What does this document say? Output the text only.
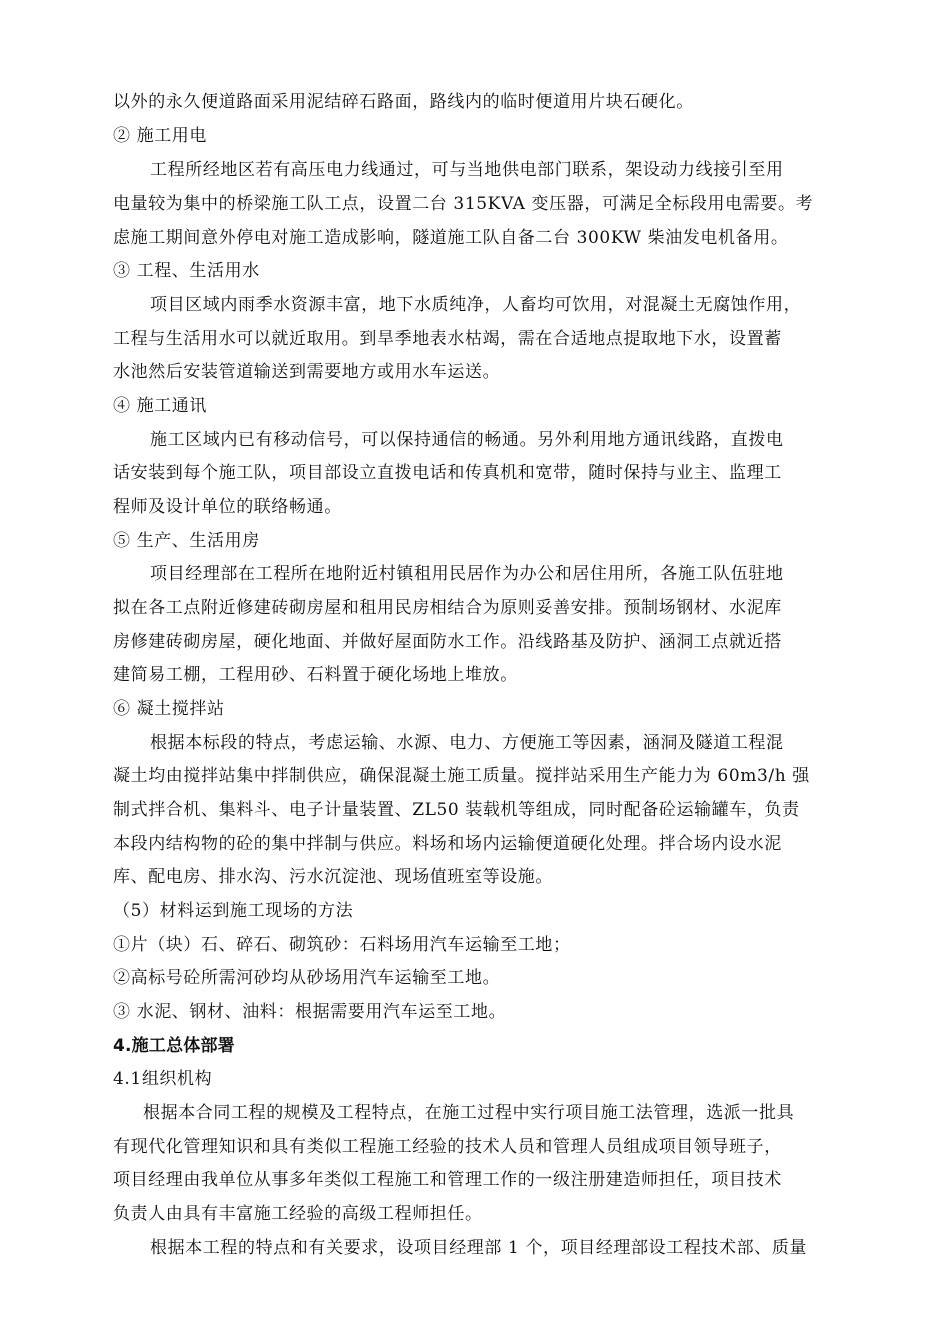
以外的永久便道路面采用泥结碎石路面，路线内的临时便道用片块石硬化。
② 施工用电
工程所经地区若有高压电力线通过，可与当地供电部门联系，架设动力线接引至用
电量较为集中的桥梁施工队工点，设置二台 315KVA 变压器，可满足全标段用电需要。考
虑施工期间意外停电对施工造成影响，隧道施工队自备二台 300KW 柴油发电机备用。
③ 工程、生活用水
项目区域内雨季水资源丰富，地下水质纯净，人畜均可饮用，对混凝土无腐蚀作用，
工程与生活用水可以就近取用。到旱季地表水枯竭，需在合适地点提取地下水，设置蓄
水池然后安装管道输送到需要地方或用水车运送。
④ 施工通讯
施工区域内已有移动信号，可以保持通信的畅通。另外利用地方通讯线路，直拨电
话安装到每个施工队，项目部设立直拨电话和传真机和宽带，随时保持与业主、监理工
程师及设计单位的联络畅通。
⑤ 生产、生活用房
项目经理部在工程所在地附近村镇租用民居作为办公和居住用所，各施工队伍驻地
拟在各工点附近修建砖砌房屋和租用民房相结合为原则妥善安排。预制场钢材、水泥库
房修建砖砌房屋，硬化地面、并做好屋面防水工作。沿线路基及防护、涵洞工点就近搭
建简易工棚，工程用砂、石料置于硬化场地上堆放。
⑥ 凝土搅拌站
根据本标段的特点，考虑运输、水源、电力、方便施工等因素，涵洞及隧道工程混
凝土均由搅拌站集中拌制供应，确保混凝土施工质量。搅拌站采用生产能力为 60m3/h 强
制式拌合机、集料斗、电子计量装置、ZL50 装载机等组成，同时配备砼运输罐车，负责
本段内结构物的砼的集中拌制与供应。料场和场内运输便道硬化处理。拌合场内设水泥
库、配电房、排水沟、污水沉淀池、现场值班室等设施。
（5）材料运到施工现场的方法
①片（块）石、碎石、砌筑砂：石料场用汽车运输至工地；
②高标号砼所需河砂均从砂场用汽车运输至工地。
③ 水泥、钢材、油料：根据需要用汽车运至工地。
4.施工总体部署
4.1组织机构
根据本合同工程的规模及工程特点，在施工过程中实行项目施工法管理，选派一批具
有现代化管理知识和具有类似工程施工经验的技术人员和管理人员组成项目领导班子，
项目经理由我单位从事多年类似工程施工和管理工作的一级注册建造师担任，项目技术
负责人由具有丰富施工经验的高级工程师担任。
根据本工程的特点和有关要求，设项目经理部 1 个，项目经理部设工程技术部、质量
